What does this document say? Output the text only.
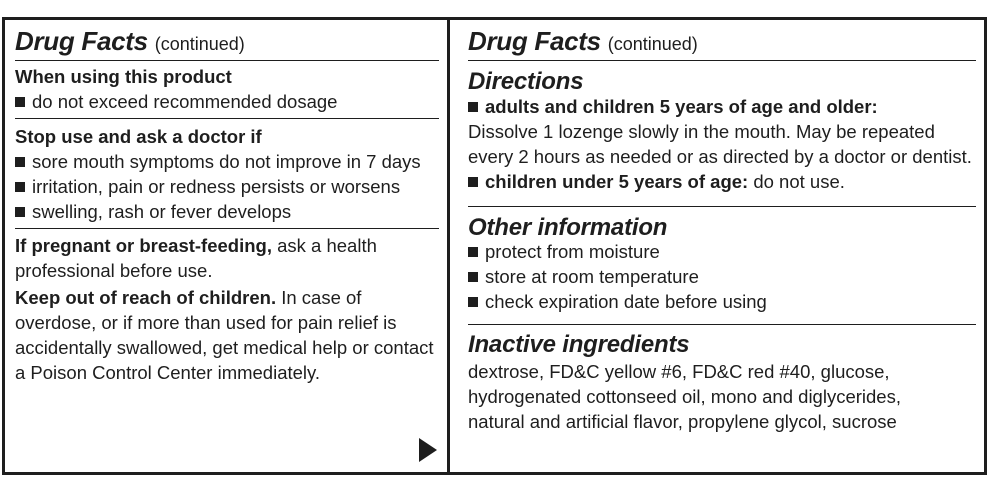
Drug Facts (continued)
When using this product
do not exceed recommended dosage
Stop use and ask a doctor if
sore mouth symptoms do not improve in 7 days
irritation, pain or redness persists or worsens
swelling, rash or fever develops
If pregnant or breast-feeding, ask a health
professional before use.
Keep out of reach of children. In case of
overdose, or if more than used for pain relief is
accidentally swallowed, get medical help or contact
a Poison Control Center immediately.
Drug Facts (continued)
Directions
adults and children 5 years of age and older:
Dissolve 1 lozenge slowly in the mouth. May be repeated
every 2 hours as needed or as directed by a doctor or dentist.
children under 5 years of age: do not use.
Other information
protect from moisture
store at room temperature
check expiration date before using
Inactive ingredients
dextrose, FD&C yellow #6, FD&C red #40, glucose,
hydrogenated cottonseed oil, mono and diglycerides,
natural and artificial flavor, propylene glycol, sucrose
